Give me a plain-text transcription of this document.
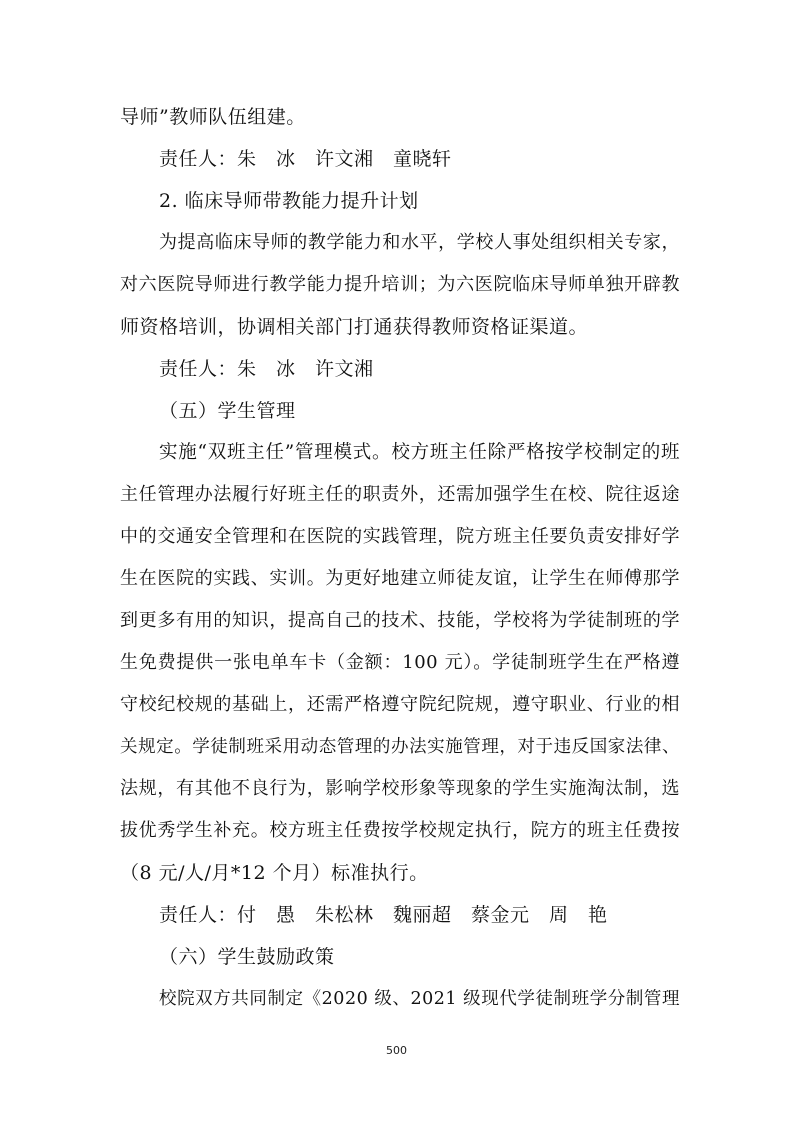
导师”教师队伍组建。
责任人：朱　冰　许文湘　童晓轩
2. 临床导师带教能力提升计划
为提高临床导师的教学能力和水平，学校人事处组织相关专家，
对六医院导师进行教学能力提升培训；为六医院临床导师单独开辟教
师资格培训，协调相关部门打通获得教师资格证渠道。
责任人：朱　冰　许文湘
（五）学生管理
实施“双班主任”管理模式。校方班主任除严格按学校制定的班
主任管理办法履行好班主任的职责外，还需加强学生在校、院往返途
中的交通安全管理和在医院的实践管理，院方班主任要负责安排好学
生在医院的实践、实训。为更好地建立师徒友谊，让学生在师傅那学
到更多有用的知识，提高自己的技术、技能，学校将为学徒制班的学
生免费提供一张电单车卡（金额：100 元）。学徒制班学生在严格遵
守校纪校规的基础上，还需严格遵守院纪院规，遵守职业、行业的相
关规定。学徒制班采用动态管理的办法实施管理，对于违反国家法律、
法规，有其他不良行为，影响学校形象等现象的学生实施淘汰制，选
拔优秀学生补充。校方班主任费按学校规定执行，院方的班主任费按
（8 元/人/月*12 个月）标准执行。
责任人：付　愚　朱松林　魏丽超　蔡金元　周　艳
（六）学生鼓励政策
校院双方共同制定《2020 级、2021 级现代学徒制班学分制管理
500
